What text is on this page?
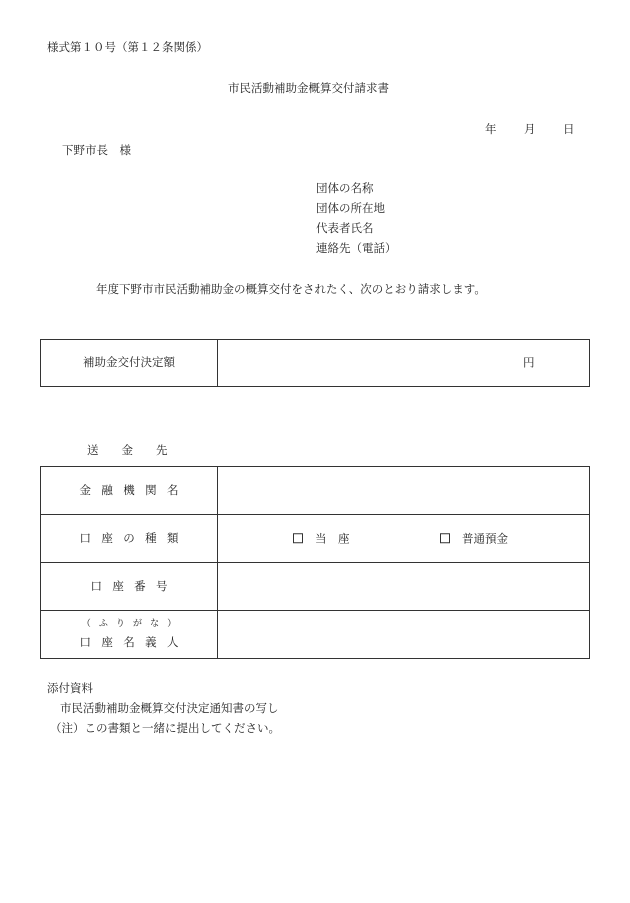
様式第１０号（第１２条関係）
市民活動補助金概算交付請求書
年 月 日
下野市長　様
団体の名称
団体の所在地
代表者氏名
連絡先（電話）
年度下野市市民活動補助金の概算交付をされたく、次のとおり請求します。
補助金交付決定額	円
送　　金　　先
金融機関名	
口座の種類	当　座 普通預金

口座番号	

（ふりがな）
口座名義人	
添付資料
市民活動補助金概算交付決定通知書の写し
（注）この書類と一緒に提出してください。
